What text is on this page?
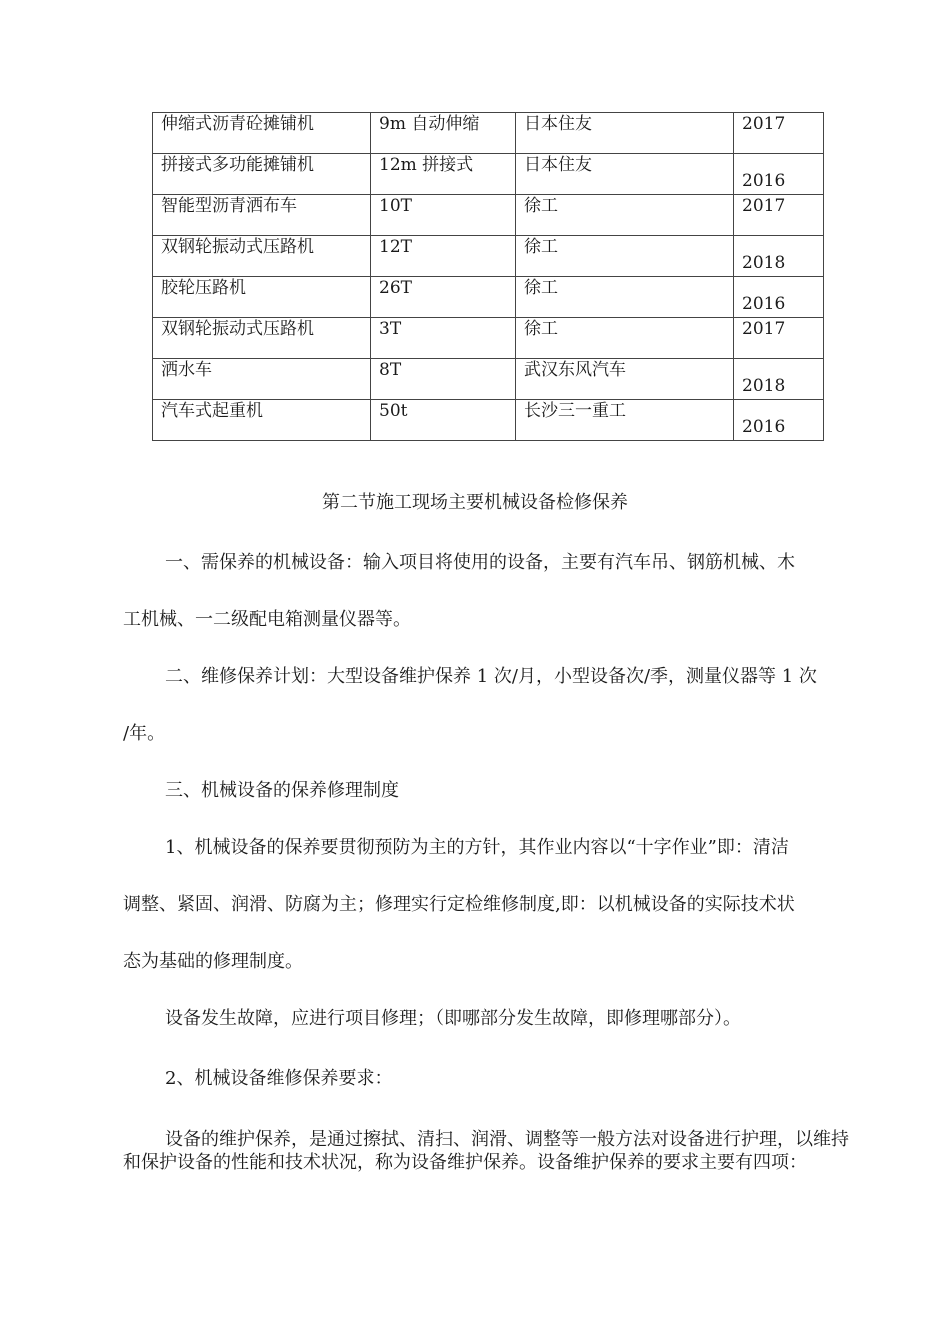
伸缩式沥青砼摊铺机	9m 自动伸缩	日本住友	2017
拼接式多功能摊铺机	12m 拼接式	日本住友	2016
智能型沥青洒布车	10T	徐工	2017
双钢轮振动式压路机	12T	徐工	2018
胶轮压路机	26T	徐工	2016
双钢轮振动式压路机	3T	徐工	2017
洒水车	8T	武汉东风汽车	2018
汽车式起重机	50t	长沙三一重工	2016
第二节施工现场主要机械设备检修保养
一、需保养的机械设备：输入项目将使用的设备，主要有汽车吊、钢筋机械、木
工机械、一二级配电箱测量仪器等。
二、维修保养计划：大型设备维护保养 1 次/月，小型设备次/季，测量仪器等 1 次
/年。
三、机械设备的保养修理制度
1、机械设备的保养要贯彻预防为主的方针，其作业内容以“十字作业”即：清洁
调整、紧固、润滑、防腐为主；修理实行定检维修制度,即：以机械设备的实际技术状
态为基础的修理制度。
设备发生故障，应进行项目修理；（即哪部分发生故障，即修理哪部分）。
2、机械设备维修保养要求：
设备的维护保养，是通过擦拭、清扫、润滑、调整等一般方法对设备进行护理，以维持和保护设备的性能和技术状况，称为设备维护保养。设备维护保养的要求主要有四项：
